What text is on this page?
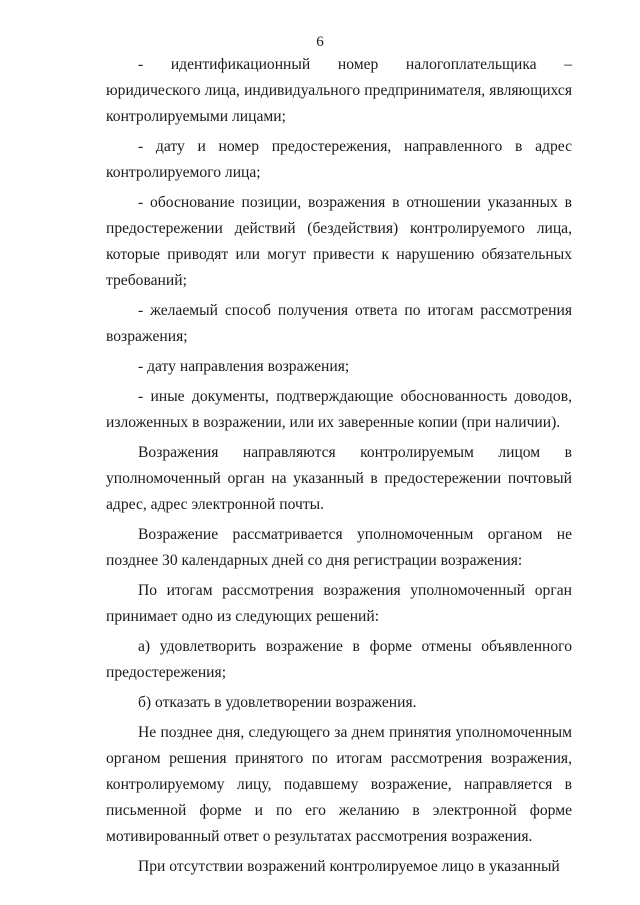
6

- идентификационный номер налогоплательщика – юридического лица, индивидуального предпринимателя, являющихся контролируемыми лицами;

- дату и номер предостережения, направленного в адрес контролируемого лица;

- обоснование позиции, возражения в отношении указанных в предостережении действий (бездействия) контролируемого лица, которые приводят или могут привести к нарушению обязательных требований;

- желаемый способ получения ответа по итогам рассмотрения возражения;

- дату направления возражения;

- иные документы, подтверждающие обоснованность доводов, изложенных в возражении, или их заверенные копии (при наличии).

Возражения направляются контролируемым лицом в уполномоченный орган на указанный в предостережении почтовый адрес, адрес электронной почты.

Возражение рассматривается уполномоченным органом не позднее 30 календарных дней со дня регистрации возражения:

По итогам рассмотрения возражения уполномоченный орган принимает одно из следующих решений:

а) удовлетворить возражение в форме отмены объявленного предостережения;

б) отказать в удовлетворении возражения.

Не позднее дня, следующего за днем принятия уполномоченным органом решения принятого по итогам рассмотрения возражения, контролируемому лицу, подавшему возражение, направляется в письменной форме и по его желанию в электронной форме мотивированный ответ о результатах рассмотрения возражения.

При отсутствии возражений контролируемое лицо в указанный
